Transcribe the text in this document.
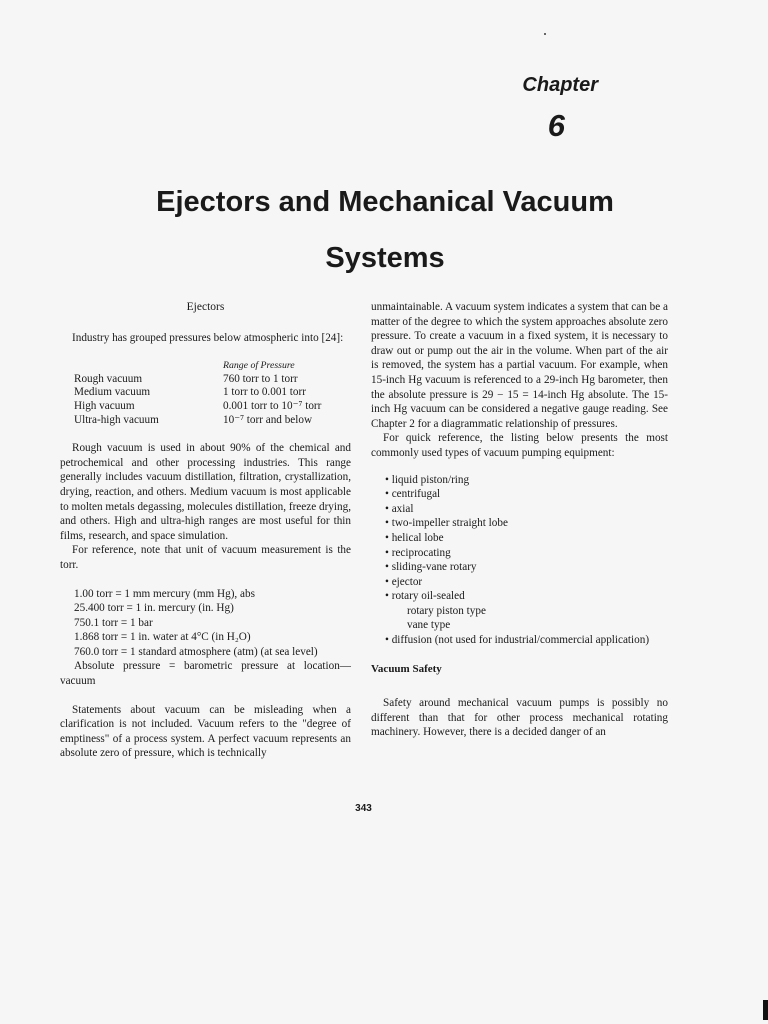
Chapter
6
Ejectors and Mechanical Vacuum
Systems
Ejectors

Industry has grouped pressures below atmospheric into [24]:

	Range of Pressure
Rough vacuum	760 torr to 1 torr
Medium vacuum	1 torr to 0.001 torr
High vacuum	0.001 torr to 10⁻⁷ torr
Ultra-high vacuum	10⁻⁷ torr and below

Rough vacuum is used in about 90% of the chemical and petrochemical and other processing industries. This range generally includes vacuum distillation, filtration, crystallization, drying, reaction, and others. Medium vacuum is most applicable to molten metals degassing, molecules distillation, freeze drying, and others. High and ultra-high ranges are most useful for thin films, research, and space simulation.

For reference, note that unit of vacuum measurement is the torr.

1.00 torr = 1 mm mercury (mm Hg), abs
25.400 torr = 1 in. mercury (in. Hg)
750.1 torr = 1 bar
1.868 torr = 1 in. water at 4°C (in H₂O)
760.0 torr = 1 standard atmosphere (atm) (at sea level)

Absolute pressure = barometric pressure at location—vacuum

Statements about vacuum can be misleading when a clarification is not included. Vacuum refers to the "degree of emptiness" of a process system. A perfect vacuum represents an absolute zero of pressure, which is technically

unmaintainable. A vacuum system indicates a system that can be a matter of the degree to which the system approaches absolute zero pressure. To create a vacuum in a fixed system, it is necessary to draw out or pump out the air in the volume. When part of the air is removed, the system has a partial vacuum. For example, when 15-inch Hg vacuum is referenced to a 29-inch Hg barometer, then the absolute pressure is 29 − 15 = 14-inch Hg absolute. The 15-inch Hg vacuum can be considered a negative gauge reading. See Chapter 2 for a diagrammatic relationship of pressures.

For quick reference, the listing below presents the most commonly used types of vacuum pumping equipment:

• liquid piston/ring
• centrifugal
• axial
• two-impeller straight lobe
• helical lobe
• reciprocating
• sliding-vane rotary
• ejector
• rotary oil-sealed
rotary piston type
vane type
• diffusion (not used for industrial/commercial application)
Vacuum Safety

Safety around mechanical vacuum pumps is possibly no different than that for other process mechanical rotating machinery. However, there is a decided danger of an

343
